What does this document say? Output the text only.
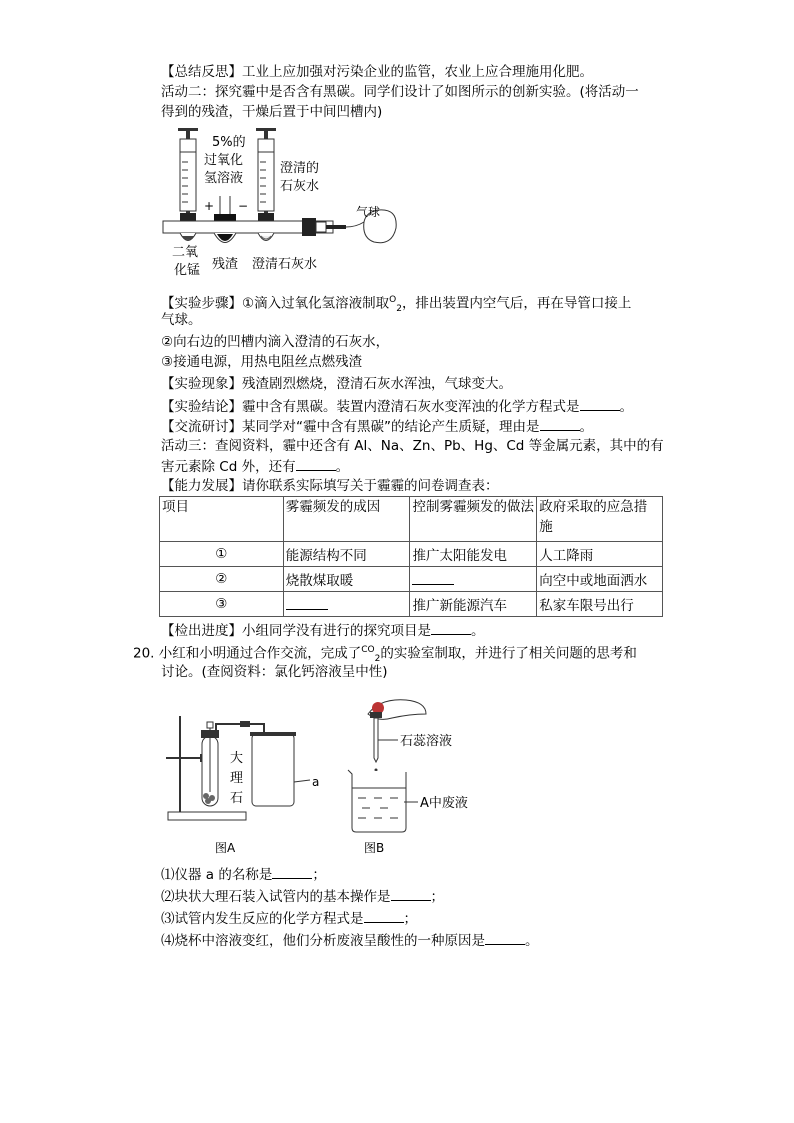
【总结反思】工业上应加强对污染企业的监管，农业上应合理施用化肥。
活动二：探究霾中是否含有黑碳。同学们设计了如图所示的创新实验。(将活动一
得到的残渣，干燥后置于中间凹槽内)
5%的
过氧化
氢溶液
澄清的
石灰水
+ −	气球
二氧
化锰 残渣 澄清石灰水
【实验步骤】①滴入过氧化氢溶液制取$^O_2$，排出装置内空气后，再在导管口接上
气球。
②向右边的凹槽内滴入澄清的石灰水，
③接通电源，用热电阻丝点燃残渣
【实验现象】残渣剧烈燃烧，澄清石灰水浑浊，气球变大。
【实验结论】霾中含有黑碳。装置内澄清石灰水变浑浊的化学方程式是	。
【交流研讨】某同学对“霾中含有黑碳”的结论产生质疑，理由是	。
活动三：查阅资料，霾中还含有 Al、Na、Zn、Pb、Hg、Cd 等金属元素，其中的有
害元素除 Cd 外，还有	。
【能力发展】请你联系实际填写关于霾霾的问卷调查表：
项目	雾霾频发的成因	控制雾霾频发的做法	政府采取的应急措施
①	能源结构不同	推广太阳能发电	人工降雨
②	烧散煤取暖		向空中或地面洒水
③		推广新能源汽车	私家车限号出行
【检出进度】小组同学没有进行的探究项目是	。
20. 小红和小明通过合作交流，完成了$^{CO}_2$的实验室制取，并进行了相关问题的思考和
讨论。(查阅资料：氯化钙溶液呈中性)
a
大
理
石
图A
石蕊溶液
A中废液
图B
⑴仪器 a 的名称是	；
⑵块状大理石装入试管内的基本操作是	；
⑶试管内发生反应的化学方程式是	；
⑷烧杯中溶液变红，他们分析废液呈酸性的一种原因是	。
